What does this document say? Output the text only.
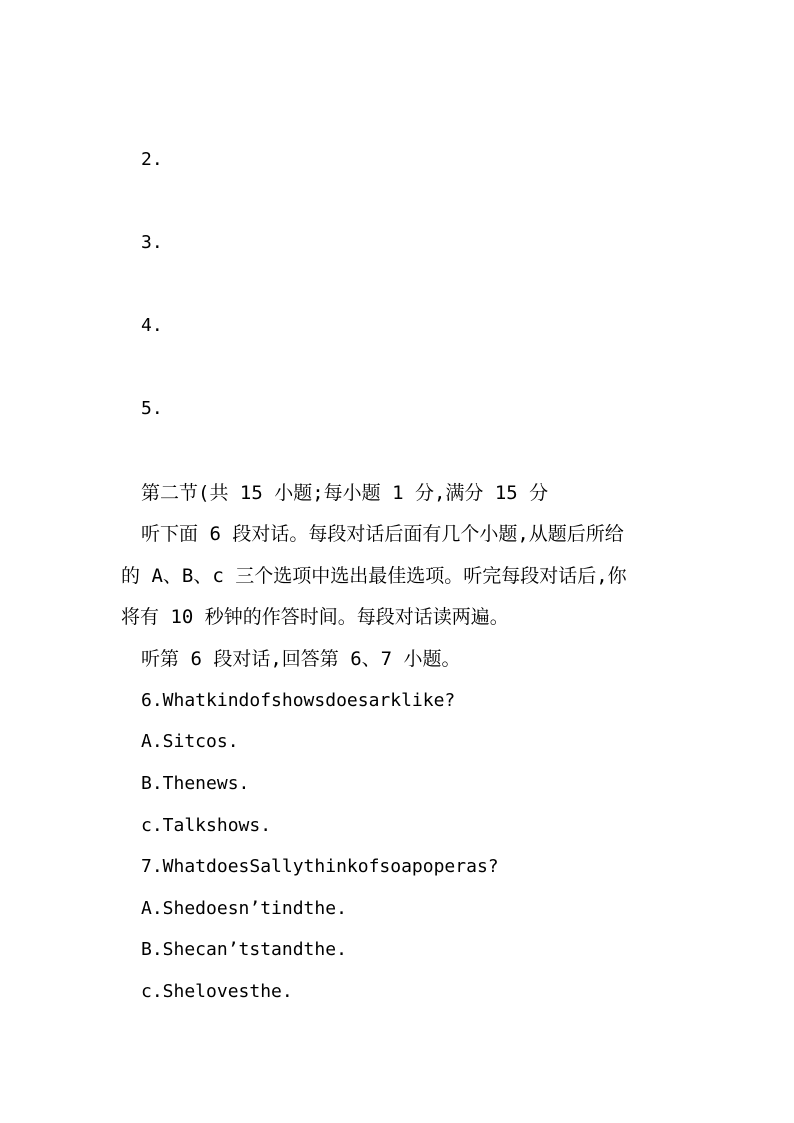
2.
3.
4.
5.
第二节(共 15 小题;每小题 1 分,满分 15 分
听下面 6 段对话。每段对话后面有几个小题,从题后所给
的 A、B、c 三个选项中选出最佳选项。听完每段对话后,你
将有 10 秒钟的作答时间。每段对话读两遍。
听第 6 段对话,回答第 6、7 小题。
6.Whatkindofshowsdoesarklike?
A.Sitcos.
B.Thenews.
c.Talkshows.
7.WhatdoesSallythinkofsoapoperas?
A.Shedoesn’tindthe.
B.Shecan’tstandthe.
c.Shelovesthe.
